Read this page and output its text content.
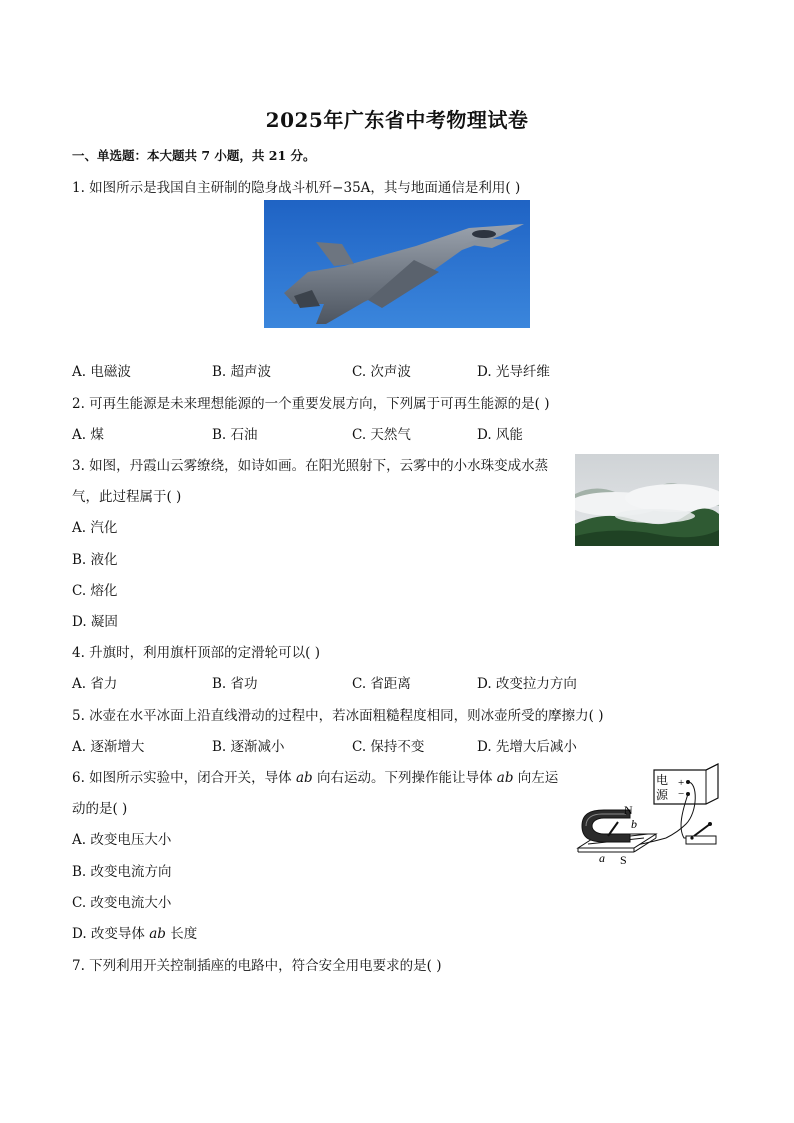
2025年广东省中考物理试卷
一、单选题：本大题共 7 小题，共 21 分。
1. 如图所示是我国自主研制的隐身战斗机歼−35A，其与地面通信是利用( )
A. 电磁波	B. 超声波	C. 次声波	D. 光导纤维
2. 可再生能源是未来理想能源的一个重要发展方向，下列属于可再生能源的是( )
A. 煤	B. 石油	C. 天然气	D. 风能
3. 如图，丹霞山云雾缭绕，如诗如画。在阳光照射下，云雾中的小水珠变成水蒸
气，此过程属于( )
A. 汽化
B. 液化
C. 熔化
D. 凝固
4. 升旗时，利用旗杆顶部的定滑轮可以( )
A. 省力	B. 省功	C. 省距离	D. 改变拉力方向
5. 冰壶在水平冰面上沿直线滑动的过程中，若冰面粗糙程度相同，则冰壶所受的摩擦力( )
A. 逐渐增大	B. 逐渐减小	C. 保持不变	D. 先增大后减小
6. 如图所示实验中，闭合开关，导体 ab 向右运动。下列操作能让导体 ab 向左运
动的是( )
电
源
+
−
N
S
a
b
A. 改变电压大小
B. 改变电流方向
C. 改变电流大小
D. 改变导体 ab 长度
7. 下列利用开关控制插座的电路中，符合安全用电要求的是( )
